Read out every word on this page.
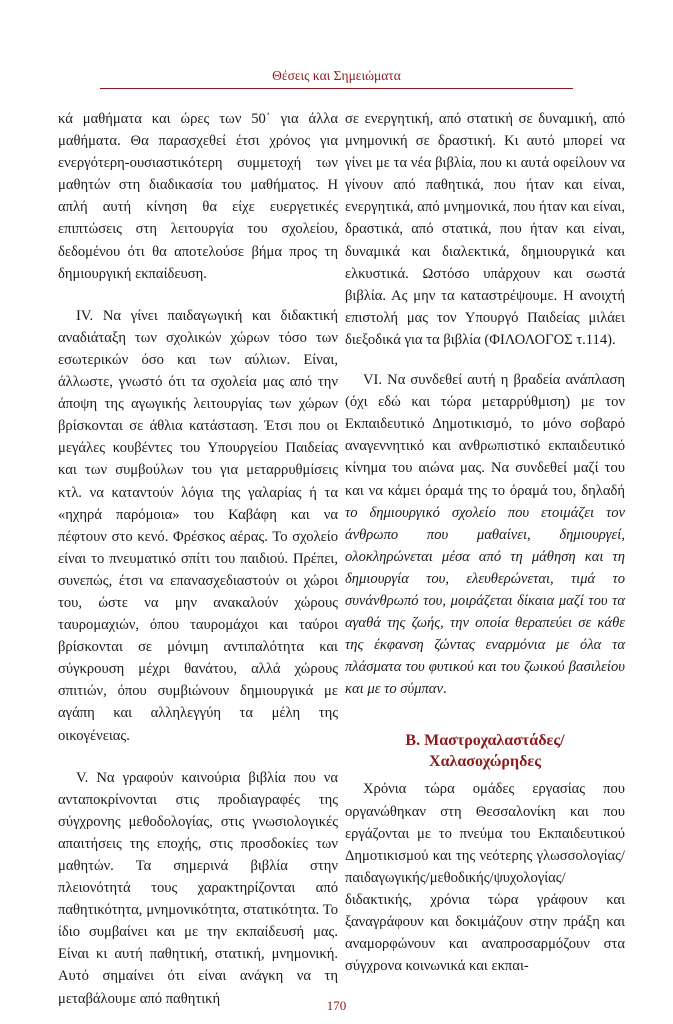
Θέσεις και Σημειώματα

κά μαθήματα και ώρες των 50΄ για άλλα μαθήματα. Θα παρασχεθεί έτσι χρόνος για ενεργότερη-ουσιαστικότερη συμμετοχή των μαθητών στη διαδικασία του μαθήματος. Η απλή αυτή κίνηση θα είχε ευεργετικές επιπτώσεις στη λειτουργία του σχολείου, δεδομένου ότι θα αποτελούσε βήμα προς τη δημιουργική εκπαίδευση.

IV. Να γίνει παιδαγωγική και διδακτική αναδιάταξη των σχολικών χώρων τόσο των εσωτερικών όσο και των αύλιων. Είναι, άλλωστε, γνωστό ότι τα σχολεία μας από την άποψη της αγωγικής λειτουργίας των χώρων βρίσκονται σε άθλια κατάσταση. Έτσι που οι μεγάλες κουβέντες του Υπουργείου Παιδείας και των συμβούλων του για μεταρρυθμίσεις κτλ. να καταντούν λόγια της γαλαρίας ή τα «ηχηρά παρόμοια» του Καβάφη και να πέφτουν στο κενό. Φρέσκος αέρας. Το σχολείο είναι το πνευματικό σπίτι του παιδιού. Πρέπει, συνεπώς, έτσι να επανασχεδιαστούν οι χώροι του, ώστε να μην ανακαλούν χώρους ταυρομαχιών, όπου ταυρομάχοι και ταύροι βρίσκονται σε μόνιμη αντιπαλότητα και σύγκρουση μέχρι θανάτου, αλλά χώρους σπιτιών, όπου συμβιώνουν δημιουργικά με αγάπη και αλληλεγγύη τα μέλη της οικογένειας.

V. Να γραφούν καινούρια βιβλία που να ανταποκρίνονται στις προδιαγραφές της σύγχρονης μεθοδολογίας, στις γνωσιολογικές απαιτήσεις της εποχής, στις προσδοκίες των μαθητών. Τα σημερινά βιβλία στην πλειονότητά τους χαρακτηρίζονται από παθητικότητα, μνημονικότητα, στατικότητα. Το ίδιο συμβαίνει και με την εκπαίδευσή μας. Είναι κι αυτή παθητική, στατική, μνημονική. Αυτό σημαίνει ότι είναι ανάγκη να τη μεταβάλουμε από παθητική

σε ενεργητική, από στατική σε δυναμική, από μνημονική σε δραστική. Κι αυτό μπορεί να γίνει με τα νέα βιβλία, που κι αυτά οφείλουν να γίνουν από παθητικά, που ήταν και είναι, ενεργητικά, από μνημονικά, που ήταν και είναι, δραστικά, από στατικά, που ήταν και είναι, δυναμικά και διαλεκτικά, δημιουργικά και ελκυστικά. Ωστόσο υπάρχουν και σωστά βιβλία. Ας μην τα καταστρέψουμε. Η ανοιχτή επιστολή μας τον Υπουργό Παιδείας μιλάει διεξοδικά για τα βιβλία (ΦΙΛΟΛΟΓΟΣ τ.114).

VI. Να συνδεθεί αυτή η βραδεία ανάπλαση (όχι εδώ και τώρα μεταρρύθμιση) με τον Εκπαιδευτικό Δημοτικισμό, το μόνο σοβαρό αναγεννητικό και ανθρωπιστικό εκπαιδευτικό κίνημα του αιώνα μας. Να συνδεθεί μαζί του και να κάμει όραμά της το όραμά του, δηλαδή το δημιουργικό σχολείο που ετοιμάζει τον άνθρωπο που μαθαίνει, δημιουργεί, ολοκληρώνεται μέσα από τη μάθηση και τη δημιουργία του, ελευθερώνεται, τιμά το συνάνθρωπό του, μοιράζεται δίκαια μαζί του τα αγαθά της ζωής, την οποία θεραπεύει σε κάθε της έκφανση ζώντας εναρμόνια με όλα τα πλάσματα του φυτικού και του ζωικού βασιλείου και με το σύμπαν.

Β. Μαστροχαλαστάδες/
Χαλασοχώρηδες

Χρόνια τώρα ομάδες εργασίας που οργανώθηκαν στη Θεσσαλονίκη και που εργάζονται με το πνεύμα του Εκπαιδευτικού Δημοτικισμού και της νεότερης γλωσσολογίας/παιδαγωγικής/μεθοδικής/ψυχολογίας/διδακτικής, χρόνια τώρα γράφουν και ξαναγράφουν και δοκιμάζουν στην πράξη και αναμορφώνουν και αναπροσαρμόζουν στα σύγχρονα κοινωνικά και εκπαι-

170
